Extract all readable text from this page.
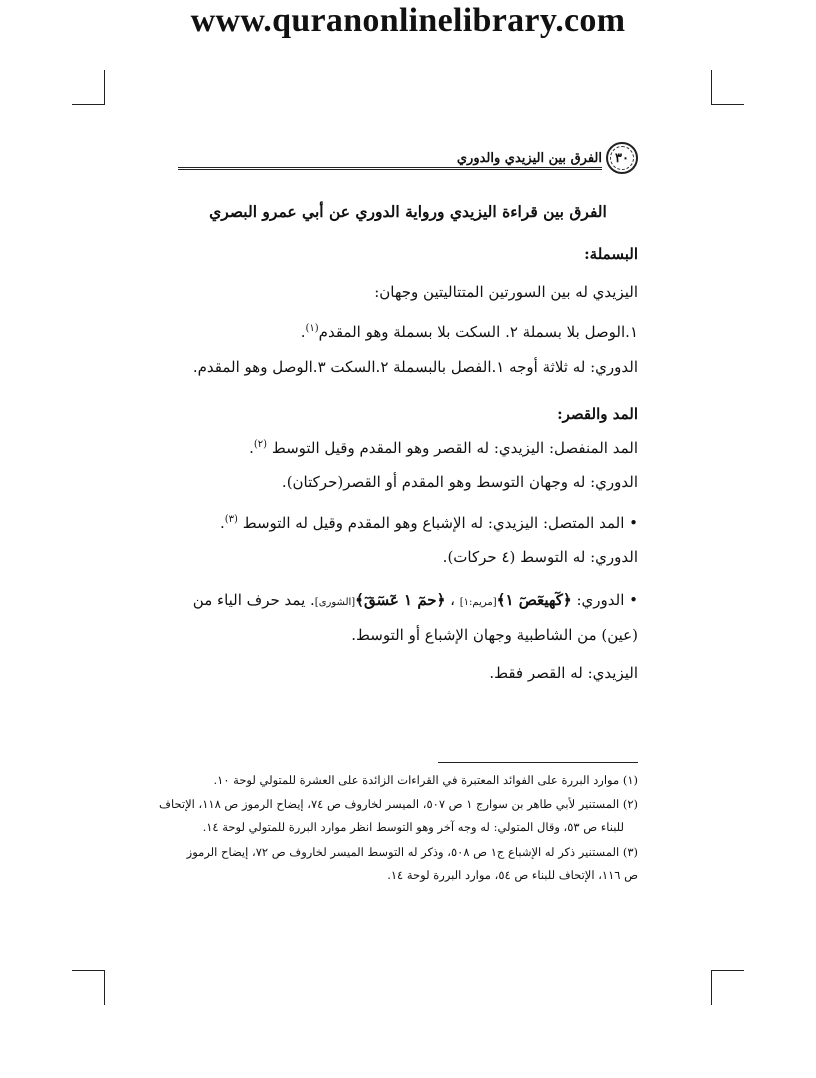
www.quranonlinelibrary.com
٣٠
الفرق بين اليزيدي والدوري
الفرق بين قراءة اليزيدي ورواية الدوري عن أبي عمرو البصري
البسملة:
اليزيدي له بين السورتين المتتاليتين وجهان:
١.الوصل بلا بسملة ٢. السكت بلا بسملة وهو المقدم$^{(١)}$.
الدوري: له ثلاثة أوجه ١.الفصل بالبسملة ٢.السكت ٣.الوصل وهو المقدم.
المد والقصر:
المد المنفصل: اليزيدي: له القصر وهو المقدم وقيل التوسط $^{(٢)}$.
الدوري: له وجهان التوسط وهو المقدم أو القصر(حركتان).
• المد المتصل: اليزيدي: له الإشباع وهو المقدم وقيل له التوسط $^{(٣)}$.
الدوري: له التوسط (٤ حركات).
• الدوري: ﴿كٓهيعٓصٓ ١﴾[مريم:١] ، ﴿حمٓ ١ عٓسٓقٓ﴾[الشورى]. يمد حرف الياء من
(عين) من الشاطبية وجهان الإشباع أو التوسط.
اليزيدي: له القصر فقط.
(١) موارد البررة على الفوائد المعتبرة في القراءات الزائدة على العشرة للمتولي لوحة ١٠.
(٢) المستنير لأبي طاهر بن سوارج ١ ص ٥٠٧، الميسر لخاروف ص ٧٤، إيضاح الرموز ص ١١٨، الإتحاف
للبناء ص ٥٣، وقال المتولي: له وجه آخر وهو التوسط انظر موارد البررة للمتولي لوحة ١٤.
(٣) المستنير ذكر له الإشباع ج١ ص ٥٠٨، وذكر له التوسط الميسر لخاروف ص ٧٢، إيضاح الرموز
ص ١١٦، الإتحاف للبناء ص ٥٤، موارد البررة لوحة ١٤.
